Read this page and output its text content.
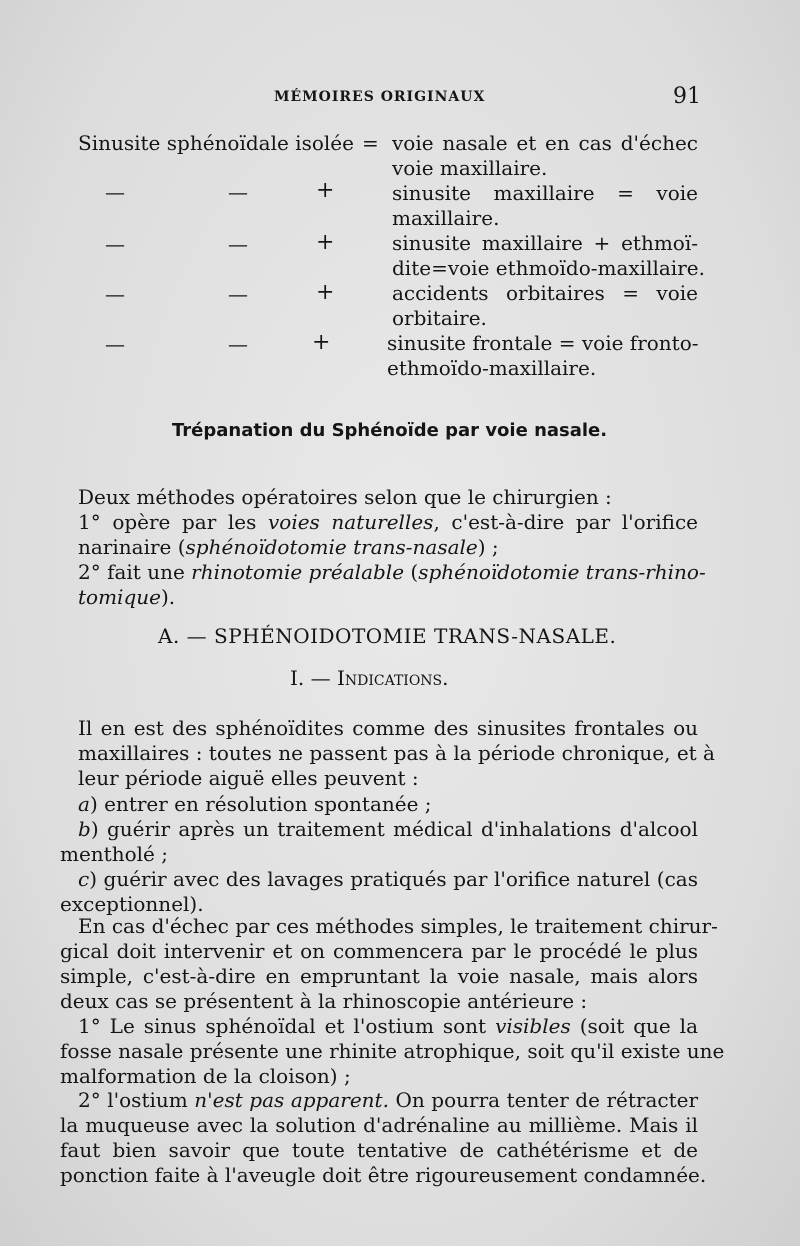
MÉMOIRES ORIGINAUX	91
Sinusite sphénoïdale isolée = voie nasale et en cas d'échec
voie maxillaire.
—	—	+	sinusite maxillaire = voie
maxillaire.
—	—	+	sinusite maxillaire + ethmoï-
dite=voie ethmoïdo-maxillaire.
—	—	+	accidents orbitaires = voie
orbitaire.
—	—	+	sinusite frontale = voie fronto-
ethmoïdo-maxillaire.
Trépanation du Sphénoïde par voie nasale.
Deux méthodes opératoires selon que le chirurgien :
1° opère par les voies naturelles, c'est-à-dire par l'orifice
narinaire (sphénoïdotomie trans-nasale) ;
2° fait une rhinotomie préalable (sphénoïdotomie trans-rhino-
tomique).
A. — SPHÉNOIDOTOMIE TRANS-NASALE.
I. — Indications.
Il en est des sphénoïdites comme des sinusites frontales ou
maxillaires : toutes ne passent pas à la période chronique, et à
leur période aiguë elles peuvent :
a) entrer en résolution spontanée ;
b) guérir après un traitement médical d'inhalations d'alcool
mentholé ;
c) guérir avec des lavages pratiqués par l'orifice naturel (cas
exceptionnel).
En cas d'échec par ces méthodes simples, le traitement chirur-
gical doit intervenir et on commencera par le procédé le plus
simple, c'est-à-dire en empruntant la voie nasale, mais alors
deux cas se présentent à la rhinoscopie antérieure :
1° Le sinus sphénoïdal et l'ostium sont visibles (soit que la
fosse nasale présente une rhinite atrophique, soit qu'il existe une
malformation de la cloison) ;
2° l'ostium n'est pas apparent. On pourra tenter de rétracter
la muqueuse avec la solution d'adrénaline au millième. Mais il
faut bien savoir que toute tentative de cathétérisme et de
ponction faite à l'aveugle doit être rigoureusement condamnée.
